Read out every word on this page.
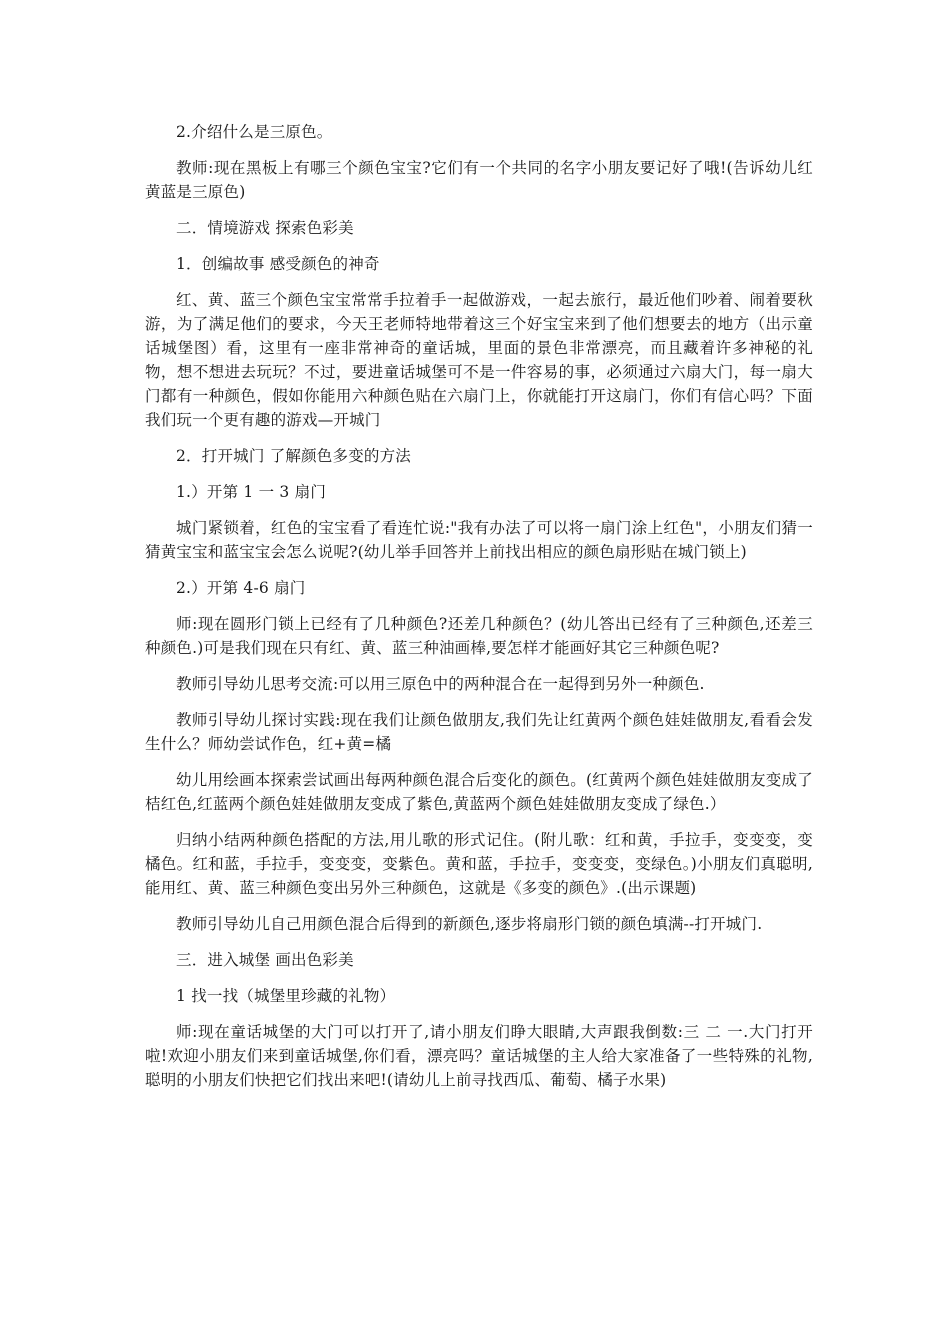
2.介绍什么是三原色。

教师:现在黑板上有哪三个颜色宝宝?它们有一个共同的名字小朋友要记好了哦!(告诉幼儿红黄蓝是三原色)

二．情境游戏 探索色彩美

1．创编故事 感受颜色的神奇

红、黄、蓝三个颜色宝宝常常手拉着手一起做游戏，一起去旅行，最近他们吵着、闹着要秋游，为了满足他们的要求，今天王老师特地带着这三个好宝宝来到了他们想要去的地方（出示童话城堡图）看，这里有一座非常神奇的童话城，里面的景色非常漂亮，而且藏着许多神秘的礼物，想不想进去玩玩？不过，要进童话城堡可不是一件容易的事，必须通过六扇大门，每一扇大门都有一种颜色，假如你能用六种颜色贴在六扇门上，你就能打开这扇门，你们有信心吗？下面我们玩一个更有趣的游戏—开城门

2．打开城门 了解颜色多变的方法

1.）开第 1 一 3 扇门

城门紧锁着，红色的宝宝看了看连忙说:"我有办法了可以将一扇门涂上红色"，小朋友们猜一猜黄宝宝和蓝宝宝会怎么说呢?(幼儿举手回答并上前找出相应的颜色扇形贴在城门锁上)

2.）开第 4-6 扇门

师:现在圆形门锁上已经有了几种颜色?还差几种颜色？(幼儿答出已经有了三种颜色,还差三种颜色.)可是我们现在只有红、黄、蓝三种油画棒,要怎样才能画好其它三种颜色呢?

教师引导幼儿思考交流:可以用三原色中的两种混合在一起得到另外一种颜色.

教师引导幼儿探讨实践:现在我们让颜色做朋友,我们先让红黄两个颜色娃娃做朋友,看看会发生什么？师幼尝试作色，红+黄=橘

幼儿用绘画本探索尝试画出每两种颜色混合后变化的颜色。(红黄两个颜色娃娃做朋友变成了桔红色,红蓝两个颜色娃娃做朋友变成了紫色,黄蓝两个颜色娃娃做朋友变成了绿色.）

归纳小结两种颜色搭配的方法,用儿歌的形式记住。(附儿歌：红和黄，手拉手，变变变，变橘色。红和蓝，手拉手，变变变，变紫色。黄和蓝，手拉手，变变变，变绿色。)小朋友们真聪明,能用红、黄、蓝三种颜色变出另外三种颜色，这就是《多变的颜色》.(出示课题)

教师引导幼儿自己用颜色混合后得到的新颜色,逐步将扇形门锁的颜色填满--打开城门.

三．进入城堡 画出色彩美

1 找一找（城堡里珍藏的礼物）

师:现在童话城堡的大门可以打开了,请小朋友们睁大眼睛,大声跟我倒数:三 二 一.大门打开啦!欢迎小朋友们来到童话城堡,你们看，漂亮吗？童话城堡的主人给大家准备了一些特殊的礼物,聪明的小朋友们快把它们找出来吧!(请幼儿上前寻找西瓜、葡萄、橘子水果)
